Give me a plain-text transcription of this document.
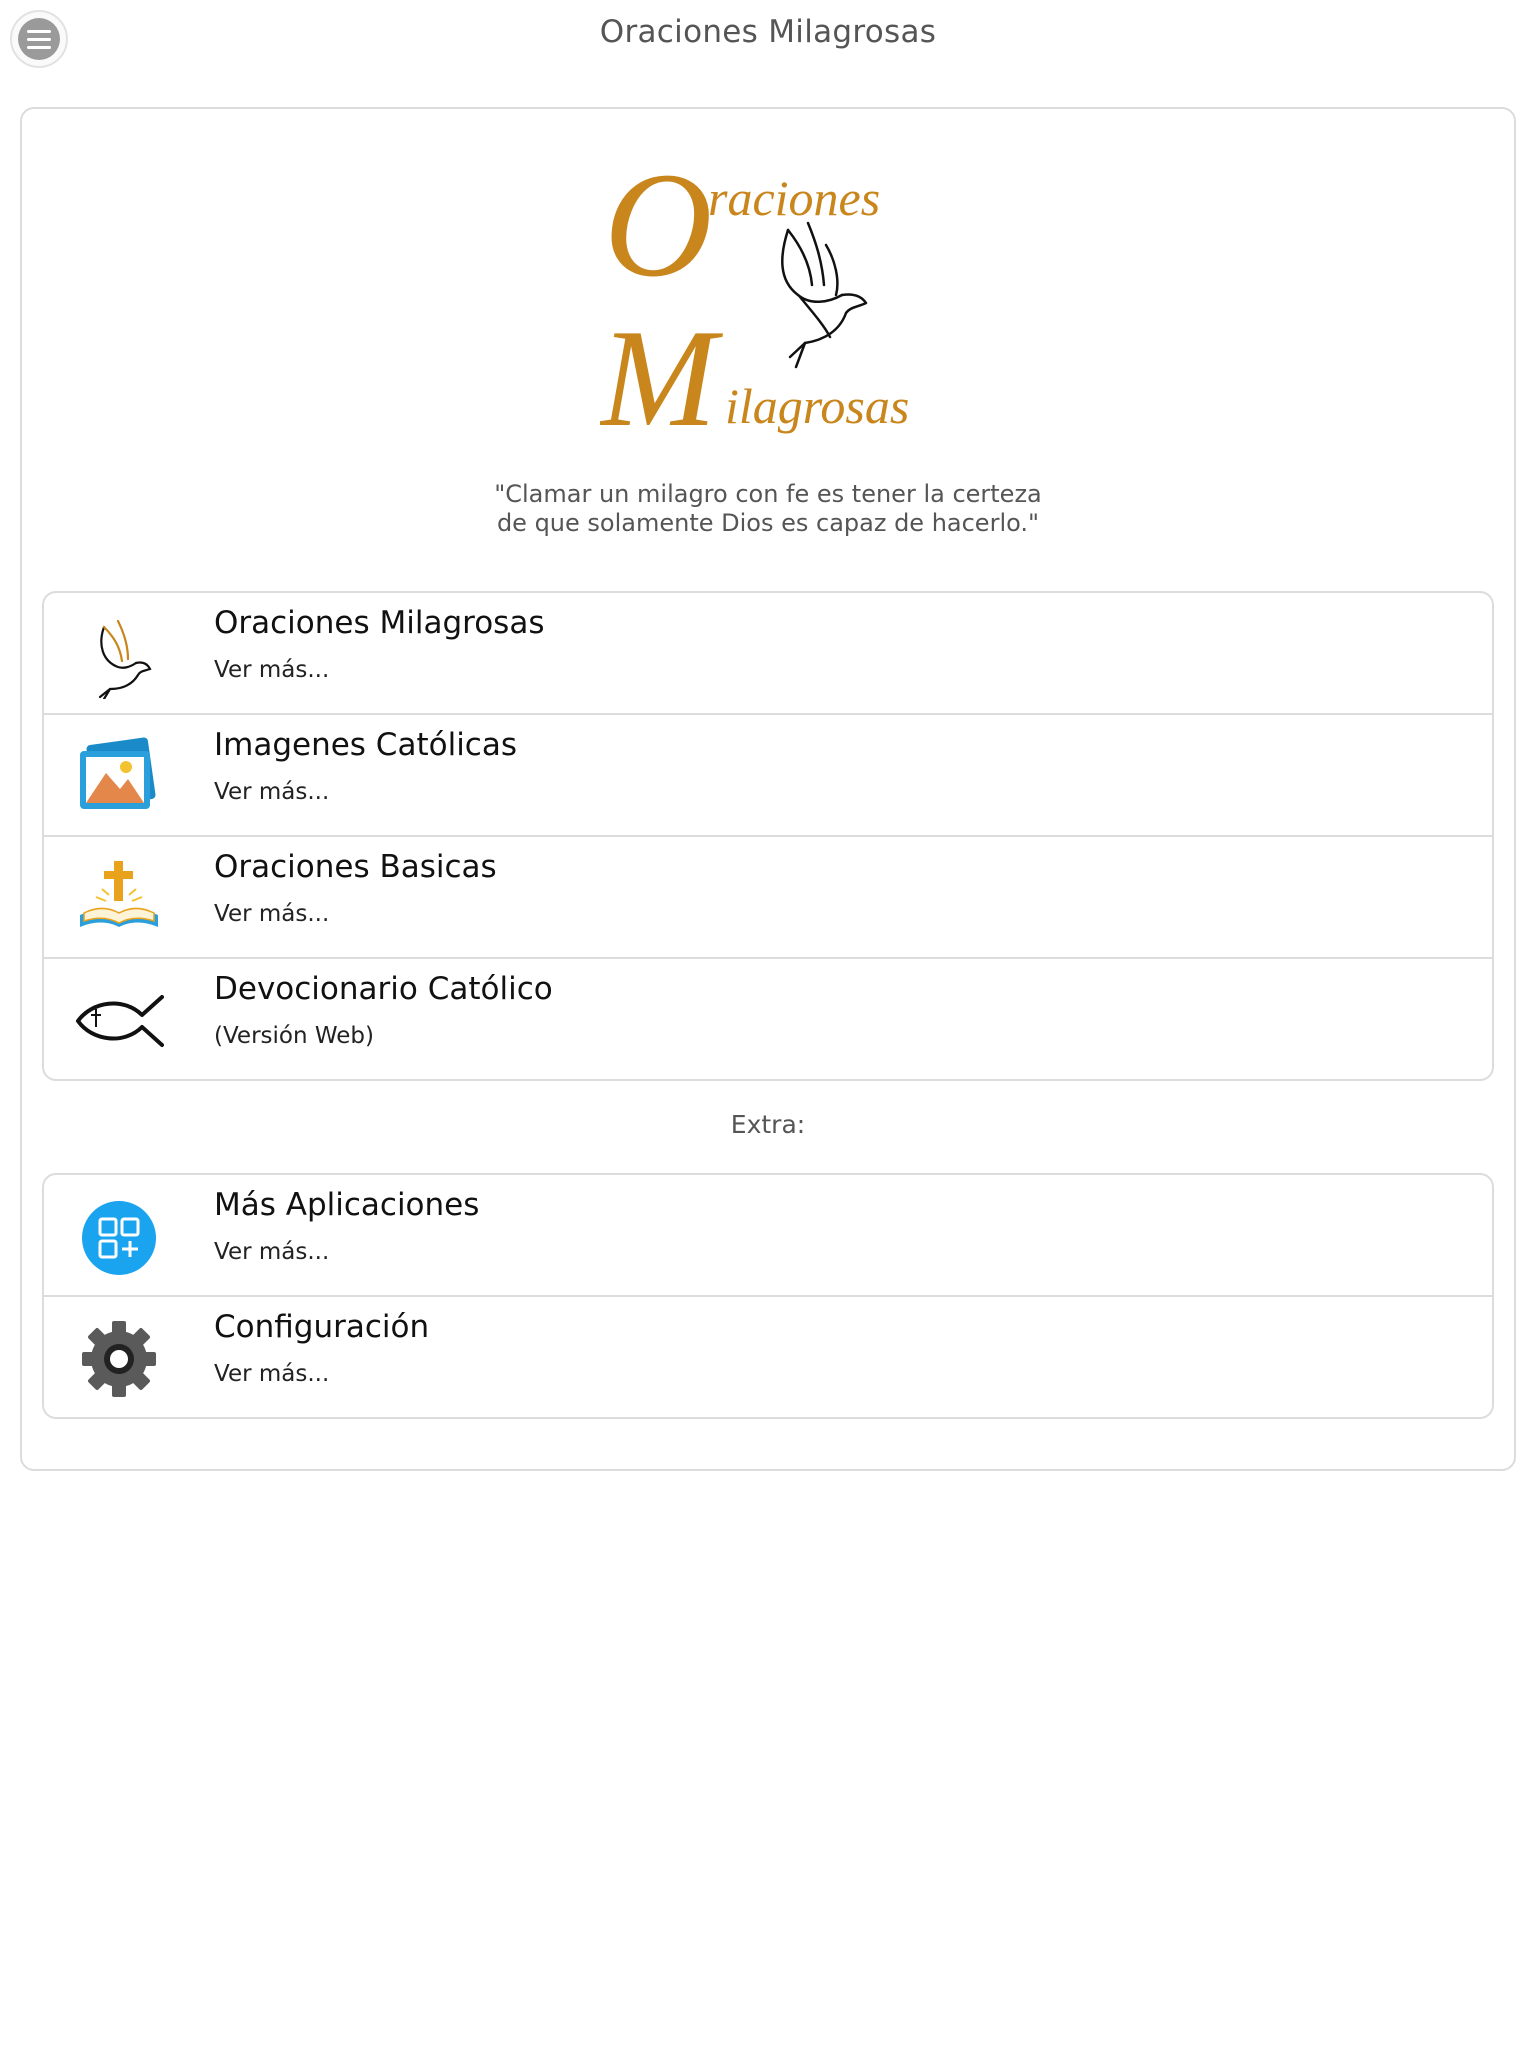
Oraciones Milagrosas
O
raciones
M ilagrosas
"Clamar un milagro con fe es tener la certeza
de que solamente Dios es capaz de hacerlo."
Oraciones Milagrosas
Ver más...
Imagenes Católicas
Ver más...
Oraciones Basicas
Ver más...
Devocionario Católico
(Versión Web)
Extra:
Más Aplicaciones
Ver más...
Configuración
Ver más...
